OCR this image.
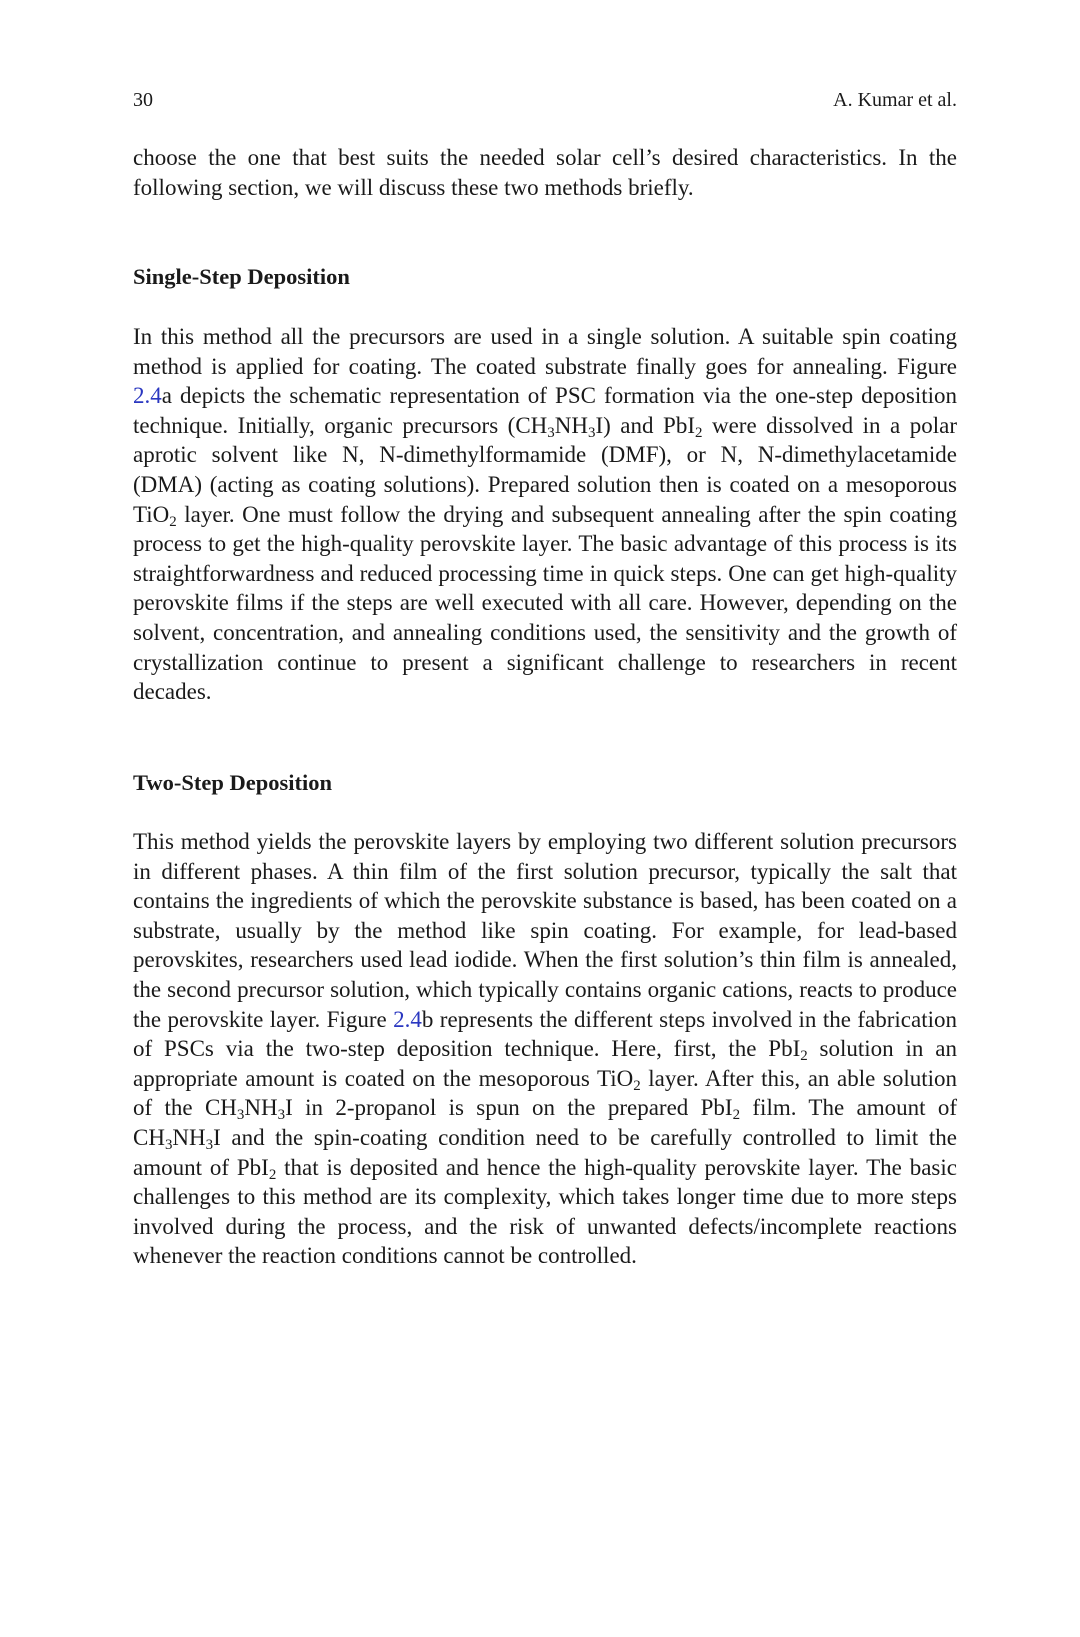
30	A. Kumar et al.

choose the one that best suits the needed solar cell’s desired characteristics. In the following section, we will discuss these two methods briefly.

Single-Step Deposition

In this method all the precursors are used in a single solution. A suitable spin coating method is applied for coating. The coated substrate finally goes for annealing. Figure 2.4a depicts the schematic representation of PSC formation via the one-step deposition technique. Initially, organic precursors $(CH_3NH_3I)$ and PbI$_2$ were dissolved in a polar aprotic solvent like N, N-dimethylformamide (DMF), or N, N-dimethylacetamide (DMA) (acting as coating solutions). Prepared solution then is coated on a mesoporous TiO$_2$ layer. One must follow the drying and subsequent annealing after the spin coating process to get the high-quality perovskite layer. The basic advantage of this process is its straightforwardness and reduced processing time in quick steps. One can get high-quality perovskite films if the steps are well executed with all care. However, depending on the solvent, concentration, and annealing conditions used, the sensitivity and the growth of crystallization continue to present a significant challenge to researchers in recent decades.

Two-Step Deposition

This method yields the perovskite layers by employing two different solution precursors in different phases. A thin film of the first solution precursor, typically the salt that contains the ingredients of which the perovskite substance is based, has been coated on a substrate, usually by the method like spin coating. For example, for lead-based perovskites, researchers used lead iodide. When the first solution’s thin film is annealed, the second precursor solution, which typically contains organic cations, reacts to produce the perovskite layer. Figure 2.4b represents the different steps involved in the fabrication of PSCs via the two-step deposition technique. Here, first, the PbI$_2$ solution in an appropriate amount is coated on the mesoporous TiO$_2$ layer. After this, an able solution of the $CH_3NH_3I$ in 2-propanol is spun on the prepared PbI$_2$ film. The amount of $CH_3NH_3I$ and the spin-coating condition need to be carefully controlled to limit the amount of PbI$_2$ that is deposited and hence the high-quality perovskite layer. The basic challenges to this method are its complexity, which takes longer time due to more steps involved during the process, and the risk of unwanted defects/incomplete reactions whenever the reaction conditions cannot be controlled.
